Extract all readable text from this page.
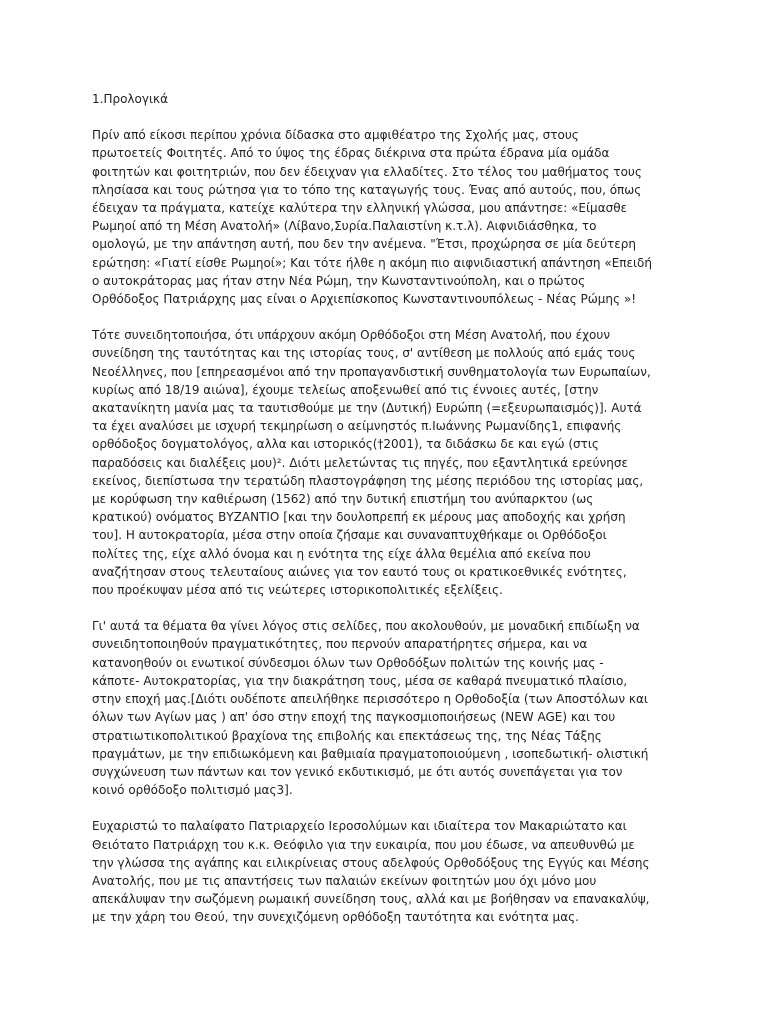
1.Προλογικά
Πρίν από είκοσι περίπου χρόνια δίδασκα στο αμφιθέατρο της Σχολής μας, στους
πρωτοετείς Φοιτητές. Από το ύψος της έδρας διέκρινα στα πρώτα έδρανα μία ομάδα
φοιτητών και φοιτητριών, που δεν έδειχναν για ελλαδίτες. Στο τέλος του μαθήματος τους
πλησίασα και τους ρώτησα για το τόπο της καταγωγής τους. Ένας από αυτούς, που, όπως
έδειχαν τα πράγματα, κατείχε καλύτερα την ελληνική γλώσσα, μου απάντησε: «Είμασθε
Ρωμηοί από τη Μέση Ανατολή» (Λίβανο,Συρία.Παλαιστίνη κ.τ.λ). Αιφνιδιάσθηκα, το
ομολογώ, με την απάντηση αυτή, που δεν την ανέμενα. "Έτσι, προχώρησα σε μία δεύτερη
ερώτηση: «Γιατί είσθε Ρωμηοί»; Και τότε ήλθε η ακόμη πιο αιφνιδιαστική απάντηση «Επειδή
ο αυτοκράτορας μας ήταν στην Νέα Ρώμη, την Κωνσταντινούπολη, και ο πρώτος
Ορθόδοξος Πατριάρχης μας είναι ο Αρχιεπίσκοπος Κωνσταντινουπόλεως - Νέας Ρώμης »!
Τότε συνειδητοποιήσα, ότι υπάρχουν ακόμη Ορθόδοξοι στη Μέση Ανατολή, που έχουν
συνείδηση της ταυτότητας και της ιστορίας τους, σ' αντίθεση με πολλούς από εμάς τους
Νεοέλληνες, που [επηρεασμένοι από την προπαγανδιστική συνθηματολογία των Ευρωπαίων,
κυρίως από 18/19 αιώνα], έχουμε τελείως αποξενωθεί από τις έννοιες αυτές, [στην
ακατανίκητη μανία μας τα ταυτισθούμε με την (Δυτική) Ευρώπη (=εξευρωπαισμός)]. Αυτά
τα έχει αναλύσει με ισχυρή τεκμηρίωση ο αείμνηστός π.Ιωάννης Ρωμανίδης1, επιφανής
ορθόδοξος δογματολόγος, αλλα και ιστορικός(†2001), τα διδάσκω δε και εγώ (στις
παραδόσεις και διαλέξεις μου)². Διότι μελετώντας τις πηγές, που εξαντλητικά ερεύνησε
εκείνος, διεπίστωσα την τερατώδη πλαστογράφηση της μέσης περιόδου της ιστορίας μας,
με κορύφωση την καθιέρωση (1562) από την δυτική επιστήμη του ανύπαρκτου (ως
κρατικού) ονόματος ΒΥΖΑΝΤΙΟ [και την δουλοπρεπή εκ μέρους μας αποδοχής και χρήση
του]. Η αυτοκρατορία, μέσα στην οποία ζήσαμε και συναναπτυχθήκαμε οι Ορθόδοξοι
πολίτες της, είχε αλλό όνομα και η ενότητα της είχε άλλα θεμέλια από εκείνα που
αναζήτησαν στους τελευταίους αιώνες για τον εαυτό τους οι κρατικοεθνικές ενότητες,
που προέκυψαν μέσα από τις νεώτερες ιστορικοπολιτικές εξελίξεις.
Γι' αυτά τα θέματα θα γίνει λόγος στις σελίδες, που ακολουθούν, με μοναδική επιδίωξη να
συνειδητοποιηθούν πραγματικότητες, που περνούν απαρατήρητες σήμερα, και να
κατανοηθούν οι ενωτικοί σύνδεσμοι όλων των Ορθοδόξων πολιτών της κοινής μας -
κάποτε- Αυτοκρατορίας, για την διακράτηση τους, μέσα σε καθαρά πνευματικό πλαίσιο,
στην εποχή μας.[Διότι ουδέποτε απειλήθηκε περισσότερο η Ορθοδοξία (των Αποστόλων και
όλων των Αγίων μας ) απ' όσο στην εποχή της παγκοσμιοποιήσεως (NEW AGE) και του
στρατιωτικοπολιτικού βραχίονα της επιβολής και επεκτάσεως της, της Νέας Τάξης
πραγμάτων, με την επιδιωκόμενη και βαθμιαία πραγματοποιούμενη , ισοπεδωτική- ολιστική
συγχώνευση των πάντων και τον γενικό εκδυτικισμό, με ότι αυτός συνεπάγεται για τον
κοινό ορθόδοξο πολιτισμό μας3].
Ευχαριστώ το παλαίφατο Πατριαρχείο Ιεροσολύμων και ιδιαίτερα τον Μακαριώτατο και
Θειότατο Πατριάρχη του κ.κ. Θεόφιλο για την ευκαιρία, που μου έδωσε, να απευθυνθώ με
την γλώσσα της αγάπης και ειλικρίνειας στους αδελφούς Ορθοδόξους της Εγγύς και Μέσης
Ανατολής, που με τις απαντήσεις των παλαιών εκείνων φοιτητών μου όχι μόνο μου
απεκάλυψαν την σωζόμενη ρωμαική συνείδηση τους, αλλά και με βοήθησαν να επανακαλύψ,
με την χάρη του Θεού, την συνεχιζόμενη ορθόδοξη ταυτότητα και ενότητα μας.
